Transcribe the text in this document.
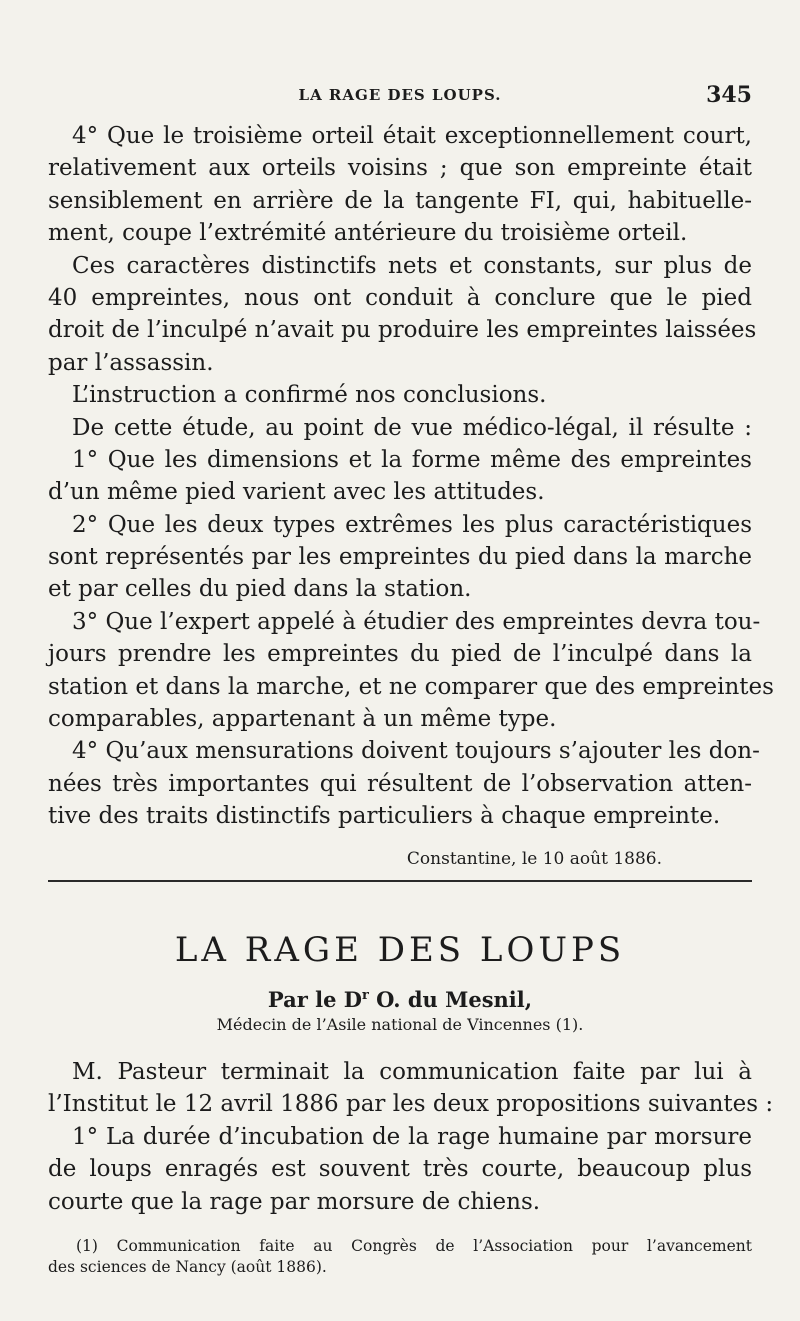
LA RAGE DES LOUPS.	345
4° Que le troisième orteil était exceptionnellement court,
relativement aux orteils voisins ; que son empreinte était
sensiblement en arrière de la tangente FI, qui, habituelle-
ment, coupe l’extrémité antérieure du troisième orteil.
Ces caractères distinctifs nets et constants, sur plus de
40 empreintes, nous ont conduit à conclure que le pied
droit de l’inculpé n’avait pu produire les empreintes laissées
par l’assassin.
L’instruction a confirmé nos conclusions.
De cette étude, au point de vue médico-légal, il résulte :
1° Que les dimensions et la forme même des empreintes
d’un même pied varient avec les attitudes.
2° Que les deux types extrêmes les plus caractéristiques
sont représentés par les empreintes du pied dans la marche
et par celles du pied dans la station.
3° Que l’expert appelé à étudier des empreintes devra tou-
jours prendre les empreintes du pied de l’inculpé dans la
station et dans la marche, et ne comparer que des empreintes
comparables, appartenant à un même type.
4° Qu’aux mensurations doivent toujours s’ajouter les don-
nées très importantes qui résultent de l’observation atten-
tive des traits distinctifs particuliers à chaque empreinte.
Constantine, le 10 août 1886.
LA RAGE DES LOUPS
Par le $D^r$ O. du Mesnil,
Médecin de l’Asile national de Vincennes (1).
M. Pasteur terminait la communication faite par lui à
l’Institut le 12 avril 1886 par les deux propositions suivantes :
1° La durée d’incubation de la rage humaine par morsure
de loups enragés est souvent très courte, beaucoup plus
courte que la rage par morsure de chiens.
(1) Communication faite au Congrès de l’Association pour l’avancement
des sciences de Nancy (août 1886).
